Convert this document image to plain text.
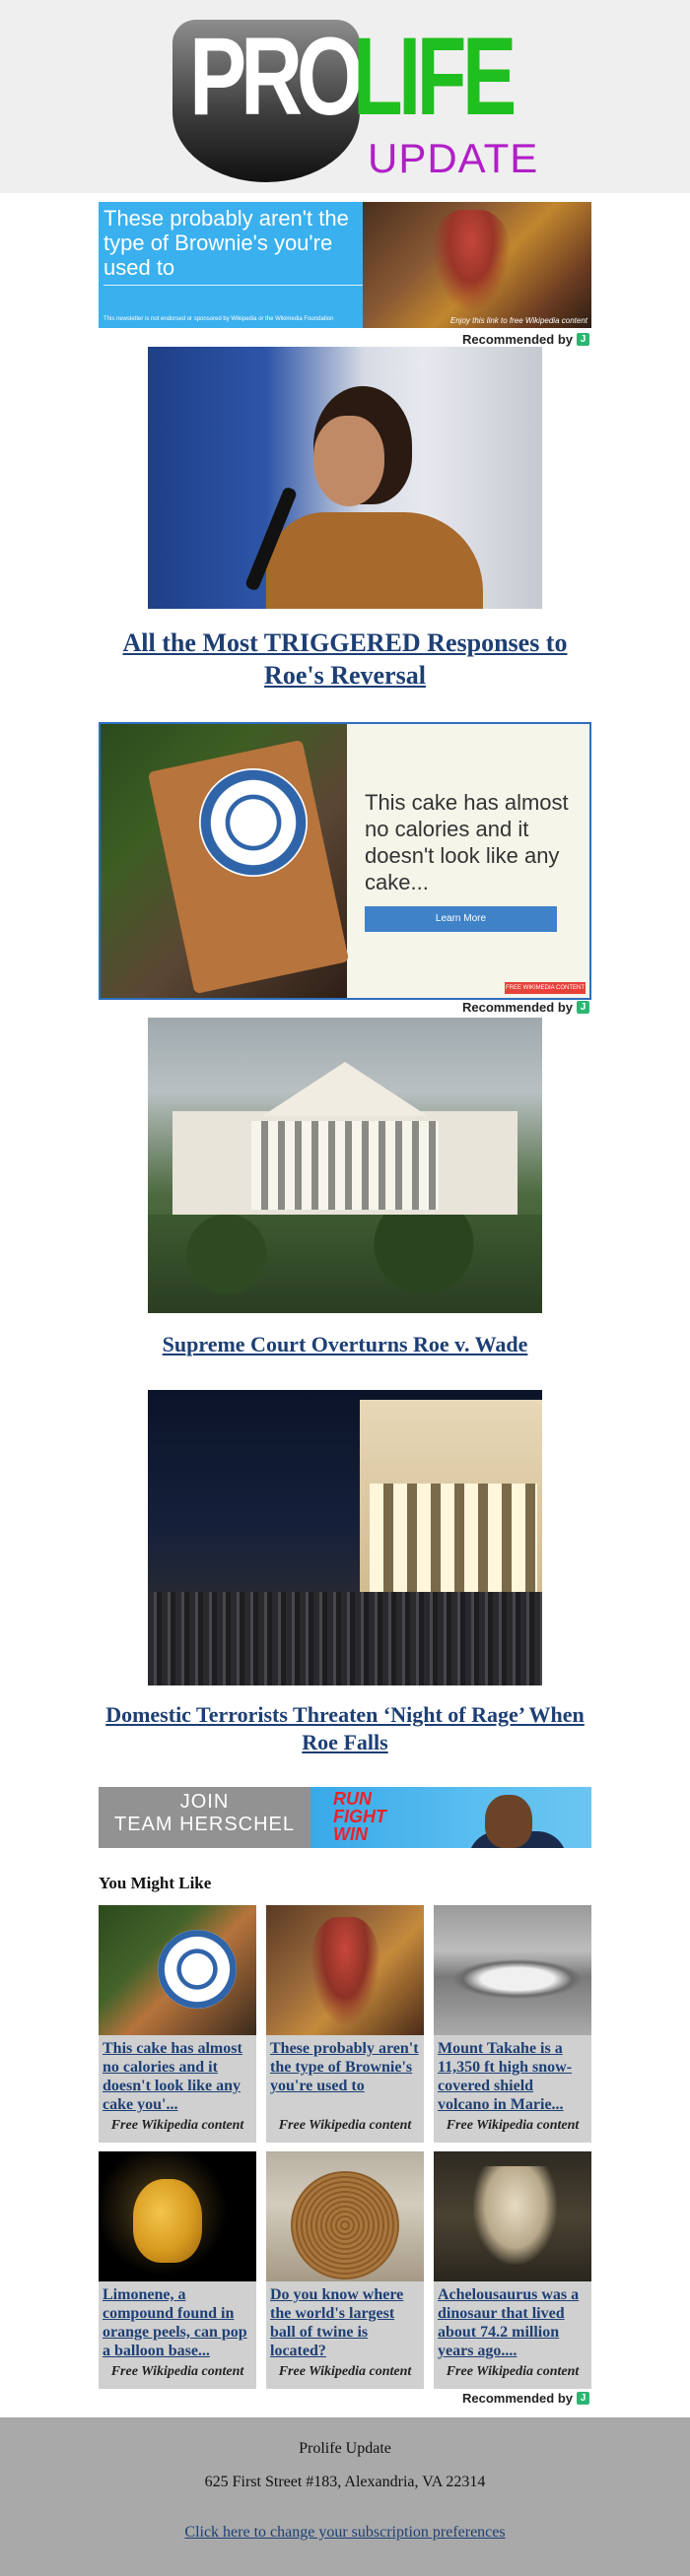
PRO
LIFE
UPDATE
These probably aren't the type of Brownie's you're used to
This newsletter is not endorsed or sponsored by Wikipedia or the Wikimedia Foundation	Enjoy this link to free Wikipedia content
Recommended by J
All the Most TRIGGERED Responses to Roe's Reversal
This cake has almost no calories and it doesn't look like any cake...
Learn More
FREE WIKIMEDIA CONTENT
Recommended by J
Supreme Court Overturns Roe v. Wade
Domestic Terrorists Threaten ‘Night of Rage’ When Roe Falls
JOIN
TEAM HERSCHEL
RUN FIGHT WIN
You Might Like
This cake has almost no calories and it doesn't look like any cake you'...
Free Wikipedia content
These probably aren't the type of Brownie's you're used to
Free Wikipedia content
Mount Takahe is a 11,350 ft high snow-covered shield volcano in Marie...
Free Wikipedia content
Limonene, a compound found in orange peels, can pop a balloon base...
Free Wikipedia content
Do you know where the world's largest ball of twine is located?
Free Wikipedia content
Achelousaurus was a dinosaur that lived about 74.2 million years ago....
Free Wikipedia content
Recommended by J
Prolife Update
625 First Street #183, Alexandria, VA 22314
Click here to change your subscription preferences
